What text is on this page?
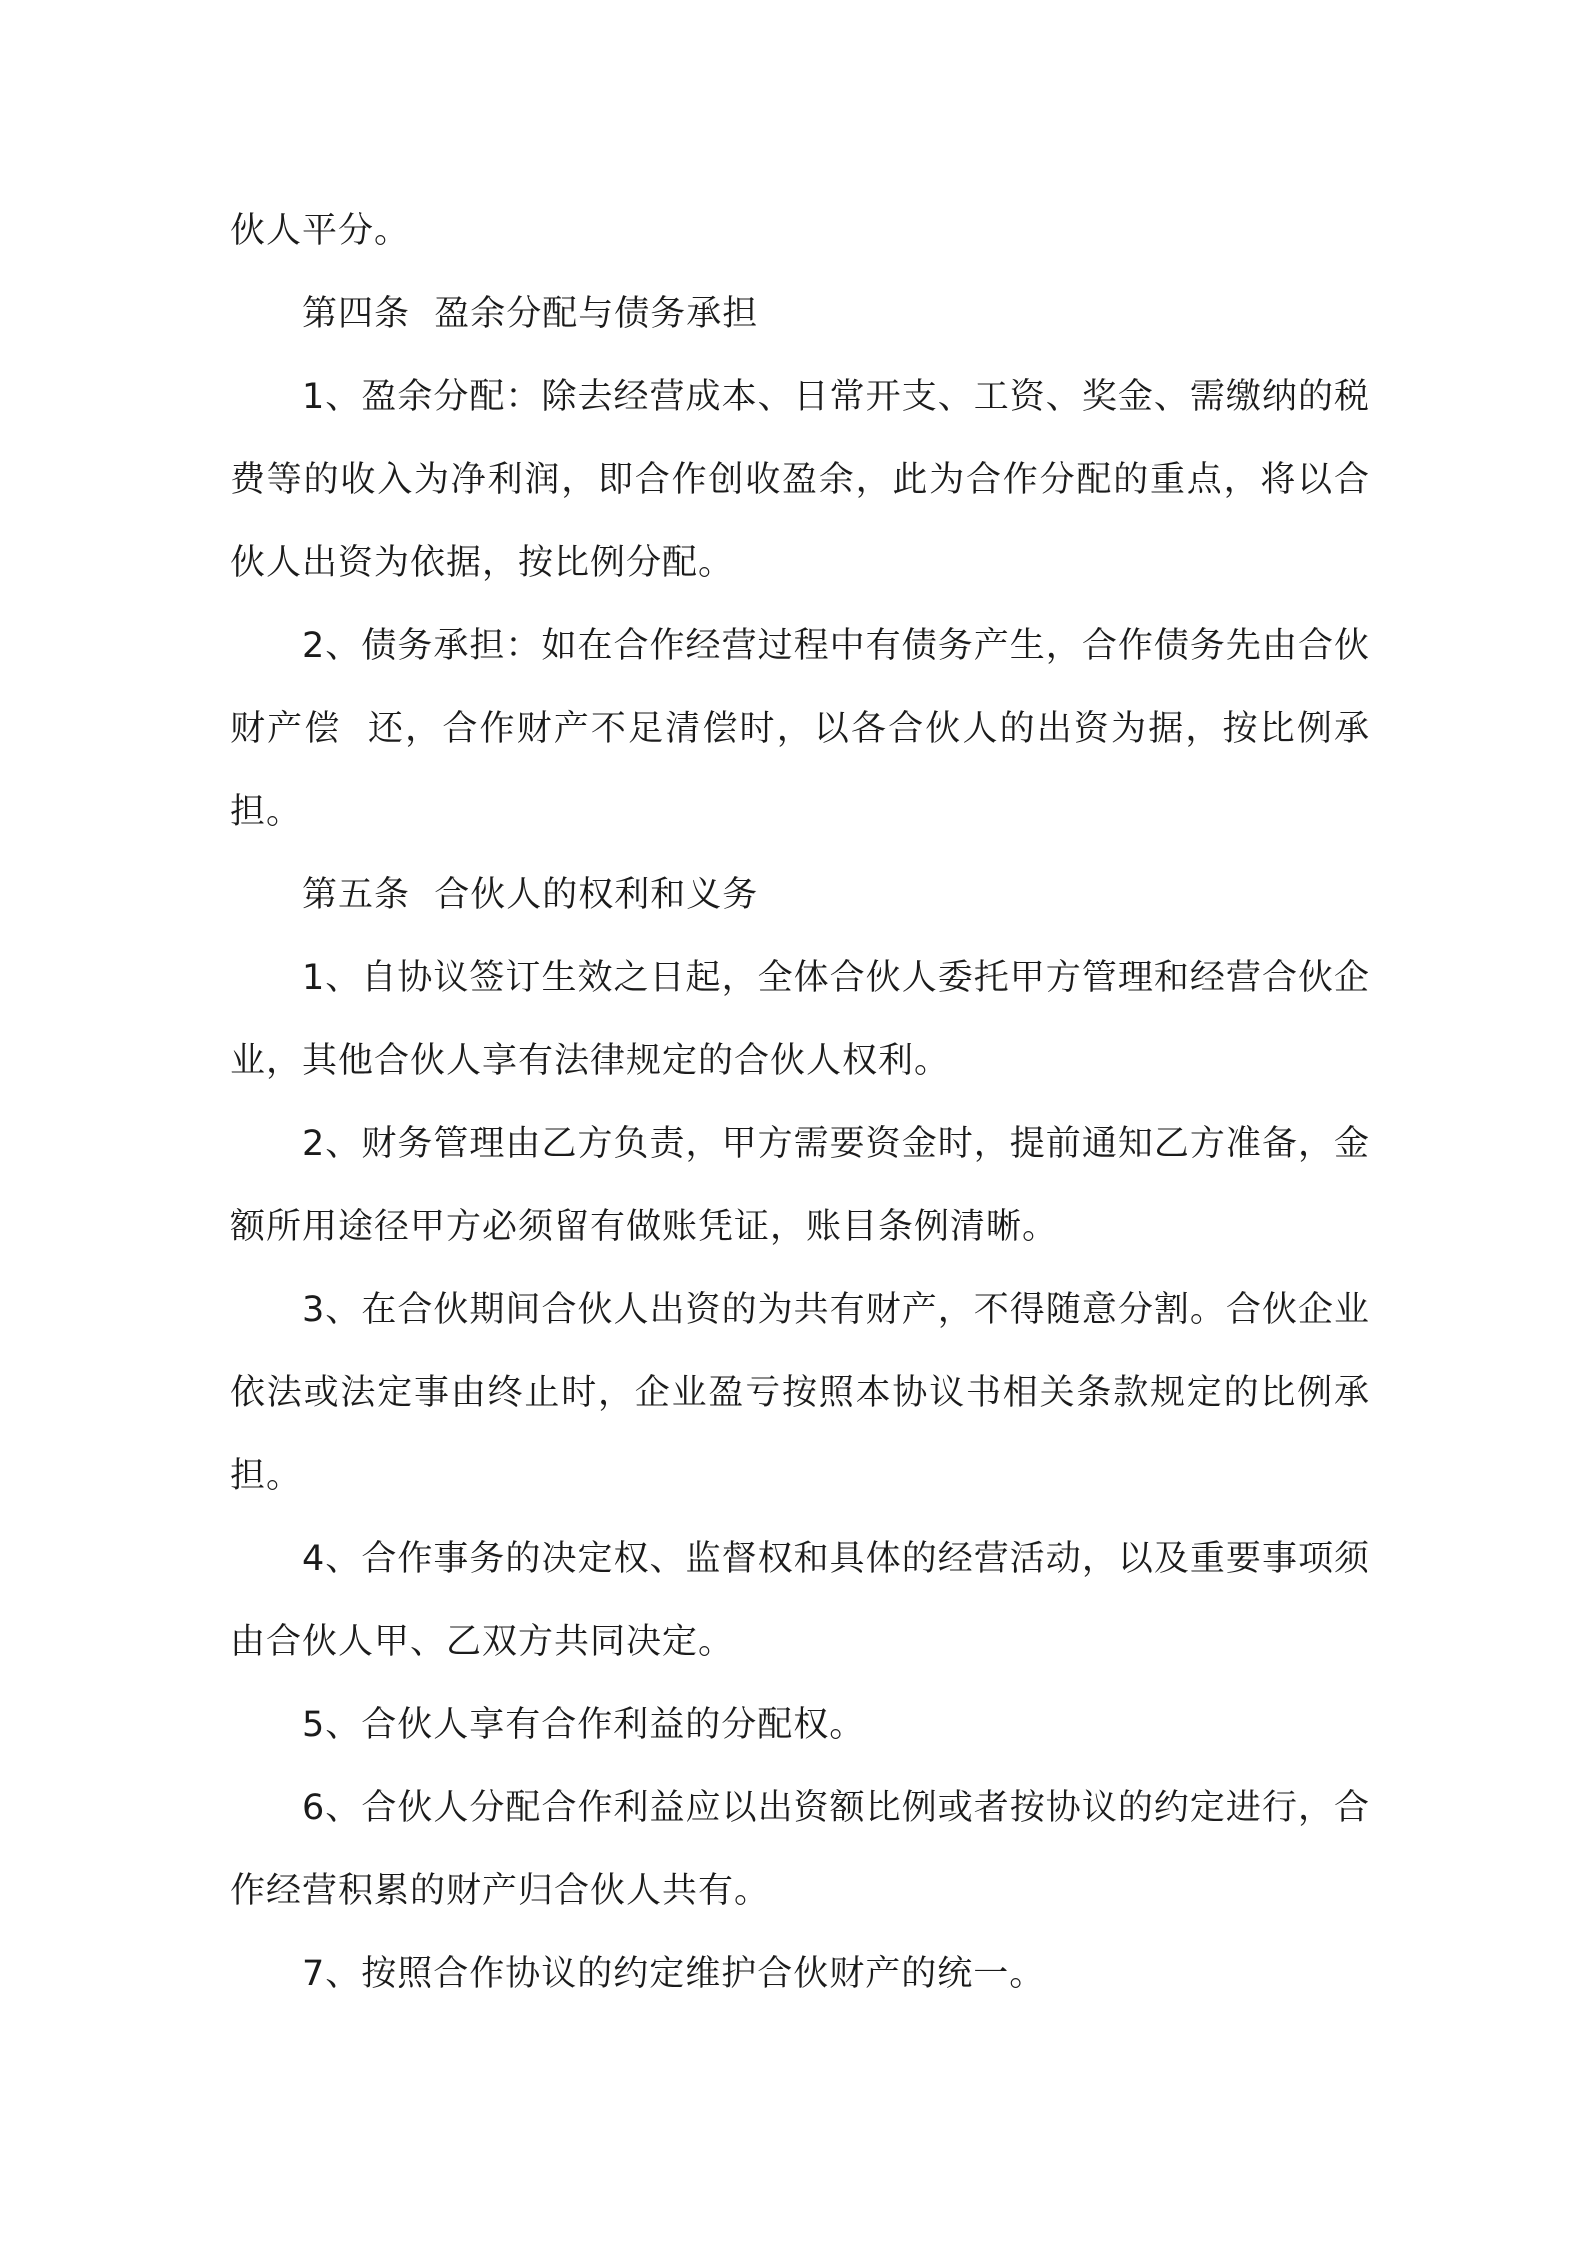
伙人平分。

第四条  盈余分配与债务承担

1、盈余分配：除去经营成本、日常开支、工资、奖金、需缴纳的税费等的收入为净利润，即合作创收盈余，此为合作分配的重点，将以合伙人出资为依据，按比例分配。

2、债务承担：如在合作经营过程中有债务产生，合作债务先由合伙财产偿  还，合作财产不足清偿时，以各合伙人的出资为据，按比例承担。

第五条  合伙人的权利和义务

1、自协议签订生效之日起，全体合伙人委托甲方管理和经营合伙企业，其他合伙人享有法律规定的合伙人权利。

2、财务管理由乙方负责，甲方需要资金时，提前通知乙方准备，金额所用途径甲方必须留有做账凭证，账目条例清晰。

3、在合伙期间合伙人出资的为共有财产，不得随意分割。合伙企业依法或法定事由终止时，企业盈亏按照本协议书相关条款规定的比例承担。

4、合作事务的决定权、监督权和具体的经营活动，以及重要事项须由合伙人甲、乙双方共同决定。

5、合伙人享有合作利益的分配权。

6、合伙人分配合作利益应以出资额比例或者按协议的约定进行，合作经营积累的财产归合伙人共有。

7、按照合作协议的约定维护合伙财产的统一。
